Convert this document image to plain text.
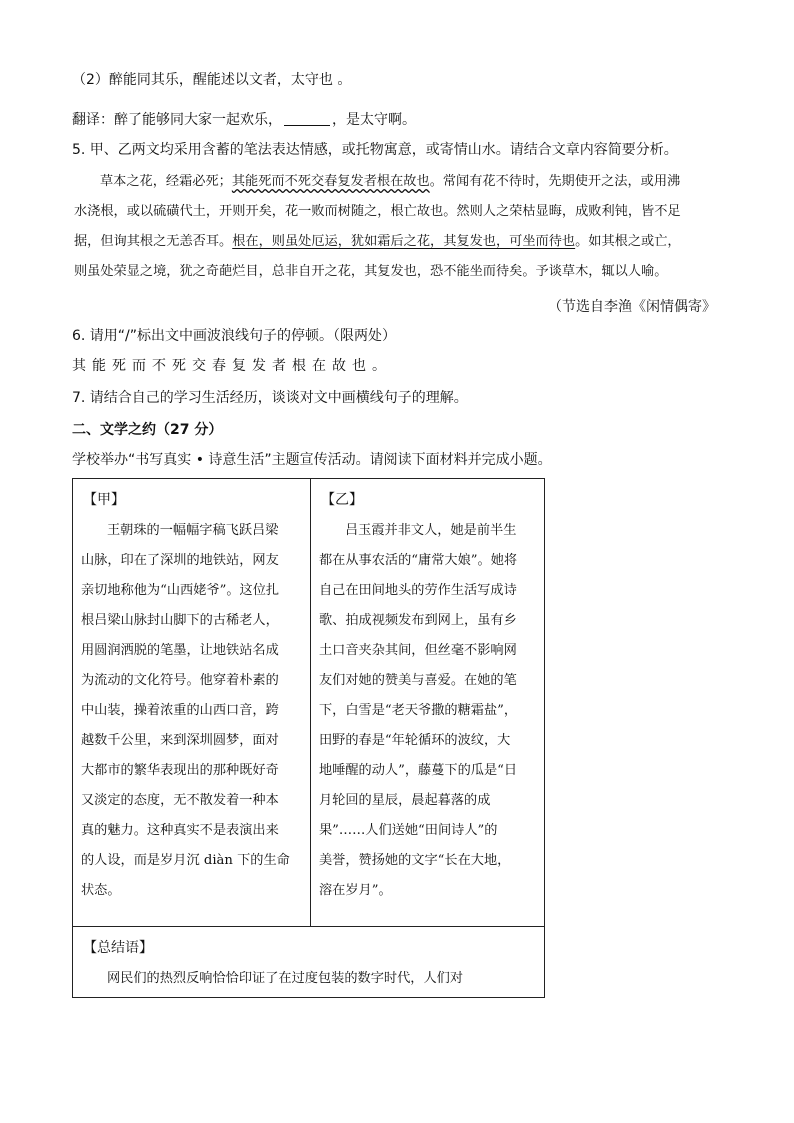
（2）醉能同其乐，醒能述以文者，太守也 。
翻译：醉了能够同大家一起欢乐，	，是太守啊。
5. 甲、乙两文均采用含蓄的笔法表达情感，或托物寓意，或寄情山水。请结合文章内容简要分析。
草本之花，经霜必死；其能死而不死交春复发者根在故也。常闻有花不待时，先期使开之法，或用沸
水浇根，或以硫磺代土，开则开矣，花一败而树随之，根亡故也。然则人之荣枯显晦，成败利钝，皆不足
据，但询其根之无恙否耳。根在，则虽处厄运，犹如霜后之花，其复发也，可坐而待也。如其根之或亡，
则虽处荣显之境，犹之奇葩烂目，总非自开之花，其复发也，恐不能坐而待矣。予谈草木，辄以人喻。
（节选自李渔《闲情偶寄》
6. 请用“/”标出文中画波浪线句子的停顿。（限两处）
其能死而不死交春复发者根在故也。
7. 请结合自己的学习生活经历，谈谈对文中画横线句子的理解。
二、文学之约（27 分）
学校举办“书写真实 • 诗意生活”主题宣传活动。请阅读下面材料并完成小题。
【甲】
王朝珠的一幅幅字稿飞跃吕梁
山脉，印在了深圳的地铁站，网友
亲切地称他为“山西姥爷”。这位扎
根吕梁山脉封山脚下的古稀老人，
用圆润洒脱的笔墨，让地铁站名成
为流动的文化符号。他穿着朴素的
中山装，操着浓重的山西口音，跨
越数千公里，来到深圳圆梦，面对
大都市的繁华表现出的那种既好奇
又淡定的态度，无不散发着一种本
真的魅力。这种真实不是表演出来
的人设，而是岁月沉 diàn 下的生命
状态。
【乙】
吕玉霞并非文人，她是前半生
都在从事农活的“庸常大娘”。她将
自己在田间地头的劳作生活写成诗
歌、拍成视频发布到网上，虽有乡
土口音夹杂其间，但丝毫不影响网
友们对她的赞美与喜爱。在她的笔
下，白雪是“老天爷撒的糖霜盐”，
田野的春是“年轮循环的波纹，大
地唾醒的动人”，藤蔓下的瓜是“日
月轮回的星辰，晨起暮落的成
果”……人们送她“田间诗人”的
美誉，赞扬她的文字“长在大地，
溶在岁月”。
【总结语】
网民们的热烈反响恰恰印证了在过度包装的数字时代，人们对
